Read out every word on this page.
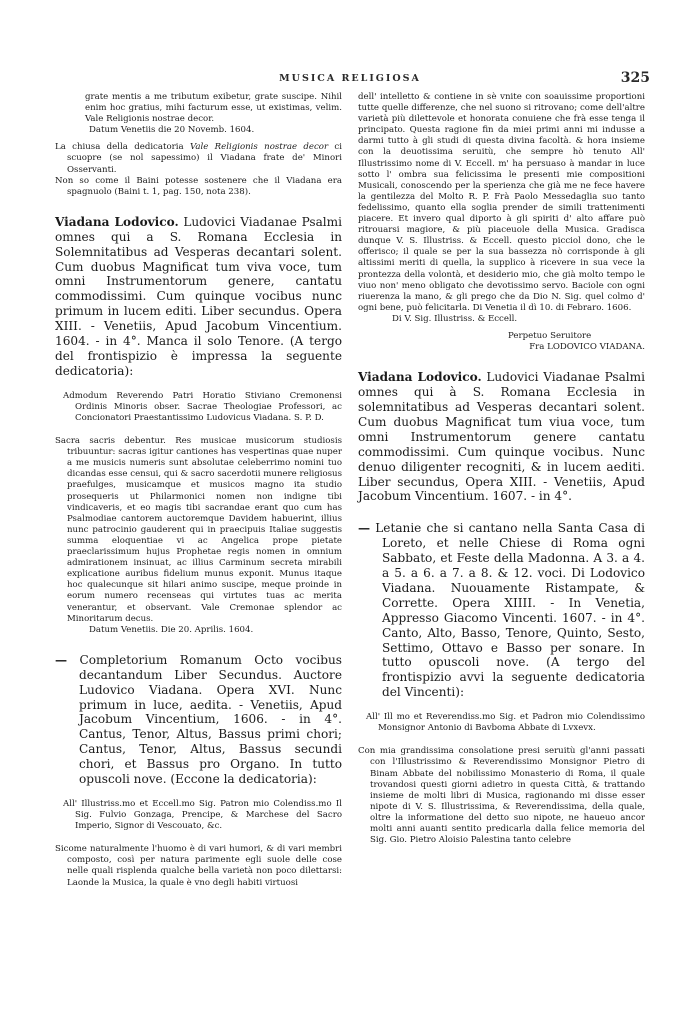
MUSICA RELIGIOSA	325

grate mentis a me tributum exibetur, grate suscipe. Nihil enim hoc gratius, mihi facturum esse, ut existimas, velim. Vale Religionis nostrae decor.

Datum Venetiis die 20 Novemb. 1604.

La chiusa della dedicatoria Vale Religionis nostrae decor ci scuopre (se nol sapessimo) il Viadana frate de' Minori Osservanti.

Non so come il Baini potesse sostenere che il Viadana era spagnuolo (Baini t. 1, pag. 150, nota 238).

Viadana Lodovico. Ludovici Viadanae Psalmi omnes qui a S. Romana Ecclesia in Solemnitatibus ad Vesperas decantari solent. Cum duobus Magnificat tum viva voce, tum omni Instrumentorum genere, cantatu commodissimi. Cum quinque vocibus nunc primum in lucem editi. Liber secundus. Opera XIII. - Venetiis, Apud Jacobum Vincentium. 1604. - in 4°. Manca il solo Tenore. (A tergo del frontispizio è impressa la seguente dedicatoria):

Admodum Reverendo Patri Horatio Stiviano Cremonensi Ordinis Minoris obser. Sacrae Theologiae Professori, ac Concionatori Praestantissimo Ludovicus Viadana. S. P. D.

Sacra sacris debentur. Res musicae musicorum studiosis tribuuntur: sacras igitur cantiones has vespertinas quae nuper a me musicis numeris sunt absolutae celeberrimo nomini tuo dicandas esse censui, qui & sacro sacerdotii munere religiosus praefulges, musicamque et musicos magno ita studio prosequeris ut Philarmonici nomen non indigne tibi vindicaveris, et eo magis tibi sacrandae erant quo cum has Psalmodiae cantorem auctoremque Davidem habuerint, illius nunc patrocinio gauderent qui in praecipuis Italiae suggestis summa eloquentiae vi ac Angelica prope pietate praeclarissimum hujus Prophetae regis nomen in omnium admirationem insinuat, ac illius Carminum secreta mirabili explicatione auribus fidelium munus exponit. Munus itaque hoc qualecunque sit hilari animo suscipe, meque proinde in eorum numero recenseas qui virtutes tuas ac merita venerantur, et observant. Vale Cremonae splendor ac Minoritarum decus.

Datum Venetiis. Die 20. Aprilis. 1604.

— Completorium Romanum Octo vocibus decantandum Liber Secundus. Auctore Ludovico Viadana. Opera XVI. Nunc primum in luce, aedita. - Venetiis, Apud Jacobum Vincentium, 1606. - in 4°. Cantus, Tenor, Altus, Bassus primi chori; Cantus, Tenor, Altus, Bassus secundi chori, et Bassus pro Organo. In tutto opuscoli nove. (Eccone la dedicatoria):

All' Illustriss.mo et Eccell.mo Sig. Patron mio Colendiss.mo Il Sig. Fulvio Gonzaga, Prencipe, & Marchese del Sacro Imperio, Signor di Vescouato, &c.

Sicome naturalmente l'huomo è di vari humori, & di vari membri composto, così per natura parimente egli suole delle cose nelle quali risplenda qualche bella varietà non poco dilettarsi: Laonde la Musica, la quale è vno degli habiti virtuosi

dell' intelletto & contiene in sè vnite con soauissime proportioni tutte quelle differenze, che nel suono si ritrovano; come dell'altre varietà più dilettevole et honorata conuiene che frà esse tenga il principato. Questa ragione fin da miei primi anni mi indusse a darmi tutto à gli studi di questa divina facoltà. & hora insieme con la deuotissima seruitù, che sempre hò tenuto All' Illustrissimo nome di V. Eccell. m' ha persuaso à mandar in luce sotto l' ombra sua felicissima le presenti mie compositioni Musicali, conoscendo per la sperienza che già me ne fece havere la gentilezza del Molto R. P. Frà Paolo Messedaglia suo tanto fedelissimo, quanto ella soglia prender de simili trattenimenti piacere. Et invero qual diporto à gli spiriti d' alto affare può ritrouarsi magiore, & più piaceuole della Musica. Gradisca dunque V. S. Illustriss. & Eccell. questo picciol dono, che le offerisco; il quale se per la sua bassezza nò corrisponde à gli altissimi meriti di quella, la supplico à ricevere in sua vece la prontezza della volontà, et desiderio mio, che già molto tempo le viuo non' meno obligato che devotissimo servo. Baciole con ogni riuerenza la mano, & gli prego che da Dio N. Sig. quel colmo d' ogni bene, può felicitarla. Di Venetia il dì 10. di Febraro. 1606.

Di V. Sig. Illustriss. & Eccell.

Perpetuo Seruitore

Fra LODOVICO VIADANA.

Viadana Lodovico. Ludovici Viadanae Psalmi omnes qui à S. Romana Ecclesia in solemnitatibus ad Vesperas decantari solent. Cum duobus Magnificat tum viua voce, tum omni Instrumentorum genere cantatu commodissimi. Cum quinque vocibus. Nunc denuo diligenter recogniti, & in lucem aediti. Liber secundus, Opera XIII. - Venetiis, Apud Jacobum Vincentium. 1607. - in 4°.

— Letanie che si cantano nella Santa Casa di Loreto, et nelle Chiese di Roma ogni Sabbato, et Feste della Madonna. A 3. a 4. a 5. a 6. a 7. a 8. & 12. voci. Di Lodovico Viadana. Nuouamente Ristampate, & Corrette. Opera XIIII. - In Venetia, Appresso Giacomo Vincenti. 1607. - in 4°. Canto, Alto, Basso, Tenore, Quinto, Sesto, Settimo, Ottavo e Basso per sonare. In tutto opuscoli nove. (A tergo del frontispizio avvi la seguente dedicatoria del Vincenti):

All' Ill mo et Reverendiss.mo Sig. et Padron mio Colendissimo Monsignor Antonio di Bavboma Abbate di Lvxevx.

Con mia grandissima consolatione presi seruitù gl'anni passati con l'Illustrissimo & Reverendissimo Monsignor Pietro di Binam Abbate del nobilissimo Monasterio di Roma, il quale trovandosi questi giorni adietro in questa Città, & trattando insieme de molti libri di Musica, ragionando mi disse esser nipote di V. S. Illustrissima, & Reverendissima, della quale, oltre la informatione del detto suo nipote, ne haueuo ancor molti anni auanti sentito predicarla dalla felice memoria del Sig. Gio. Pietro Aloisio Palestina tanto celebre
